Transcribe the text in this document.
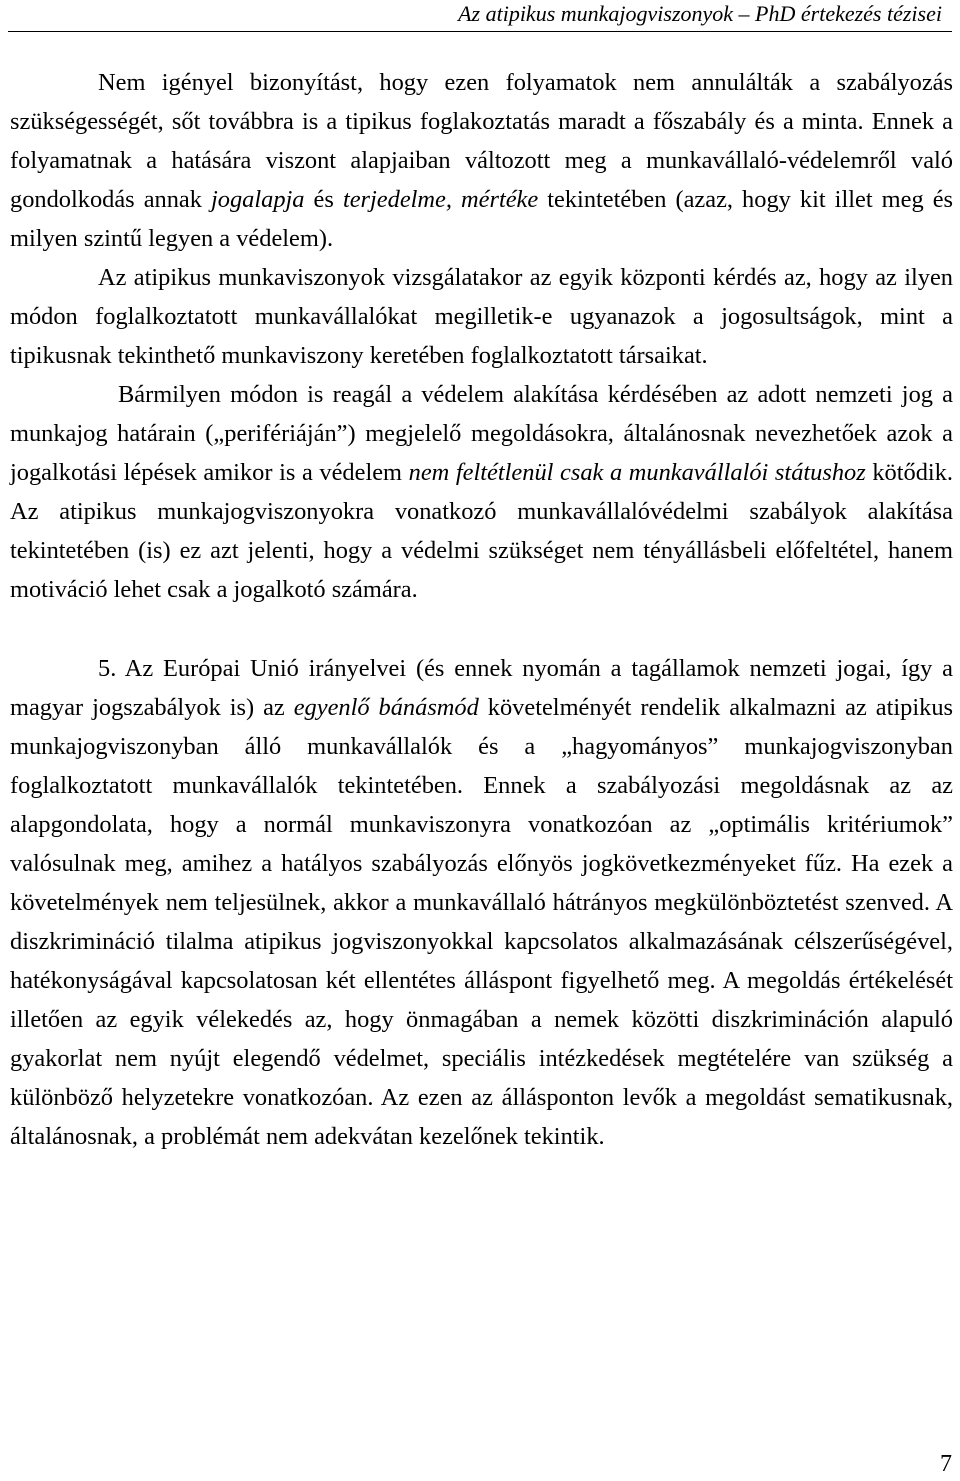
Az atipikus munkajogviszonyok – PhD értekezés tézisei

Nem igényel bizonyítást, hogy ezen folyamatok nem annulálták a szabályozás szükségességét, sőt továbbra is a tipikus foglakoztatás maradt a főszabály és a minta. Ennek a folyamatnak a hatására viszont alapjaiban változott meg a munkavállaló-védelemről való gondolkodás annak jogalapja és terjedelme, mértéke tekintetében (azaz, hogy kit illet meg és milyen szintű legyen a védelem).

Az atipikus munkaviszonyok vizsgálatakor az egyik központi kérdés az, hogy az ilyen módon foglalkoztatott munkavállalókat megilletik-e ugyanazok a jogosultságok, mint a tipikusnak tekinthető munkaviszony keretében foglalkoztatott társaikat.

Bármilyen módon is reagál a védelem alakítása kérdésében az adott nemzeti jog a munkajog határain („perifériáján”) megjelelő megoldásokra, általánosnak nevezhetőek azok a jogalkotási lépések amikor is a védelem nem feltétlenül csak a munkavállalói státushoz kötődik. Az atipikus munkajogviszonyokra vonatkozó munkavállalóvédelmi szabályok alakítása tekintetében (is) ez azt jelenti, hogy a védelmi szükséget nem tényállásbeli előfeltétel, hanem motiváció lehet csak a jogalkotó számára.

5. Az Európai Unió irányelvei (és ennek nyomán a tagállamok nemzeti jogai, így a magyar jogszabályok is) az egyenlő bánásmód követelményét rendelik alkalmazni az atipikus munkajogviszonyban álló munkavállalók és a „hagyományos” munkajogviszonyban foglalkoztatott munkavállalók tekintetében. Ennek a szabályozási megoldásnak az az alapgondolata, hogy a normál munkaviszonyra vonatkozóan az „optimális kritériumok” valósulnak meg, amihez a hatályos szabályozás előnyös jogkövetkezményeket fűz. Ha ezek a követelmények nem teljesülnek, akkor a munkavállaló hátrányos megkülönböztetést szenved. A diszkrimináció tilalma atipikus jogviszonyokkal kapcsolatos alkalmazásának célszerűségével, hatékonyságával kapcsolatosan két ellentétes álláspont figyelhető meg. A megoldás értékelését illetően az egyik vélekedés az, hogy önmagában a nemek közötti diszkrimináción alapuló gyakorlat nem nyújt elegendő védelmet, speciális intézkedések megtételére van szükség a különböző helyzetekre vonatkozóan. Az ezen az állásponton levők a megoldást sematikusnak, általánosnak, a problémát nem adekvátan kezelőnek tekintik.

7
